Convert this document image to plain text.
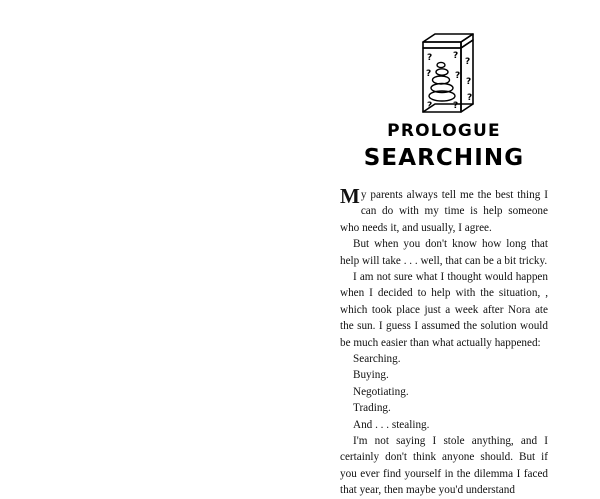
? ?
?
?	?
?
? ?
?
PROLOGUE
SEARCHING

My parents always tell me the best thing I can do with my time is help someone who needs it, and usually, I agree.

But when you don't know how long that help will take . . . well, that can be a bit tricky.

I am not sure what I thought would happen when I decided to help with the situation, , which took place just a week after Nora ate the sun. I guess I assumed the solution would be much easier than what actually happened:

Searching.

Buying.

Negotiating.

Trading.

And . . . stealing.

I'm not saying I stole anything, and I certainly don't think anyone should. But if you ever find yourself in the dilemma I faced that year, then maybe you'd understand
